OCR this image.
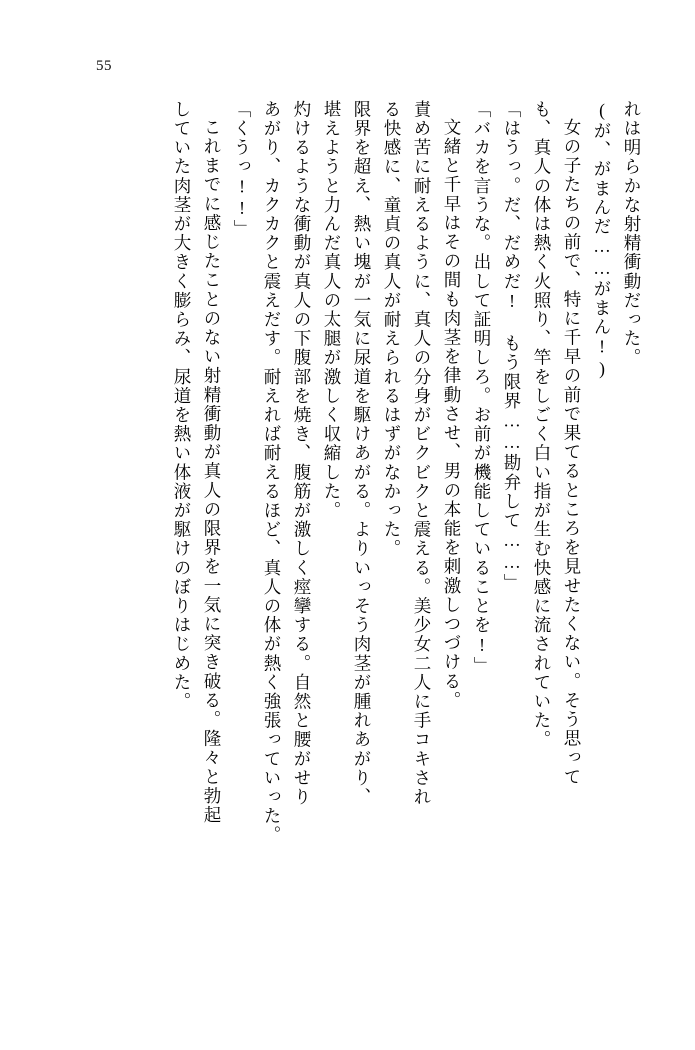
55
れは明らかな射精衝動だった。
(が、がまんだ……がまん!)
女の子たちの前で、特に千早の前で果てるところを見せたくない。そう思って
も、真人の体は熱く火照り、竿をしごく白い指が生む快感に流されていた。
「はうっ。だ、だめだ! もう限界……勘弁して……」
「バカを言うな。出して証明しろ。お前が機能していることを!」
文緒と千早はその間も肉茎を律動させ、男の本能を刺激しつづける。
責め苦に耐えるように、真人の分身がビクビクと震える。美少女二人に手コキされ
る快感に、童貞の真人が耐えられるはずがなかった。
限界を超え、熱い塊が一気に尿道を駆けあがる。よりいっそう肉茎が腫れあがり、
堪えようと力んだ真人の太腿が激しく収縮した。
灼けるような衝動が真人の下腹部を焼き、腹筋が激しく痙攣する。自然と腰がせり
あがり、カクカクと震えだす。耐えれば耐えるほど、真人の体が熱く強張っていった。
「くうっ!!」
これまでに感じたことのない射精衝動が真人の限界を一気に突き破る。隆々と勃起
していた肉茎が大きく膨らみ、尿道を熱い体液が駆けのぼりはじめた。
